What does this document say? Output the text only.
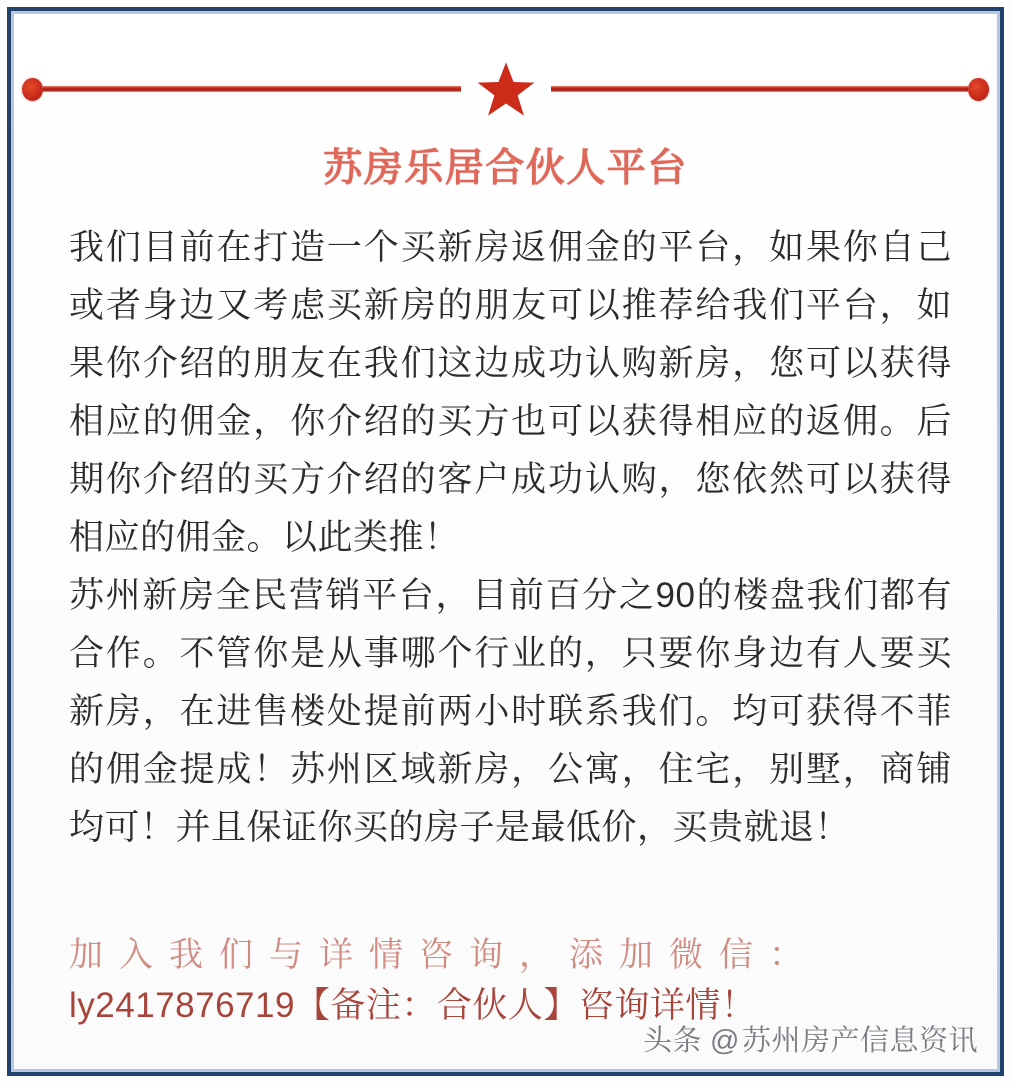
苏房乐居合伙人平台

我们目前在打造一个买新房返佣金的平台，如果你自己或者身边又考虑买新房的朋友可以推荐给我们平台，如果你介绍的朋友在我们这边成功认购新房，您可以获得相应的佣金，你介绍的买方也可以获得相应的返佣。后期你介绍的买方介绍的客户成功认购，您依然可以获得相应的佣金。以此类推！

苏州新房全民营销平台，目前百分之90的楼盘我们都有合作。不管你是从事哪个行业的，只要你身边有人要买新房，在进售楼处提前两小时联系我们。均可获得不菲的佣金提成！苏州区域新房，公寓，住宅，别墅，商铺均可！并且保证你买的房子是最低价，买贵就退！

加入我们与详情咨询，添加微信：
ly2417876719【备注：合伙人】咨询详情！
头条 @苏州房产信息资讯
